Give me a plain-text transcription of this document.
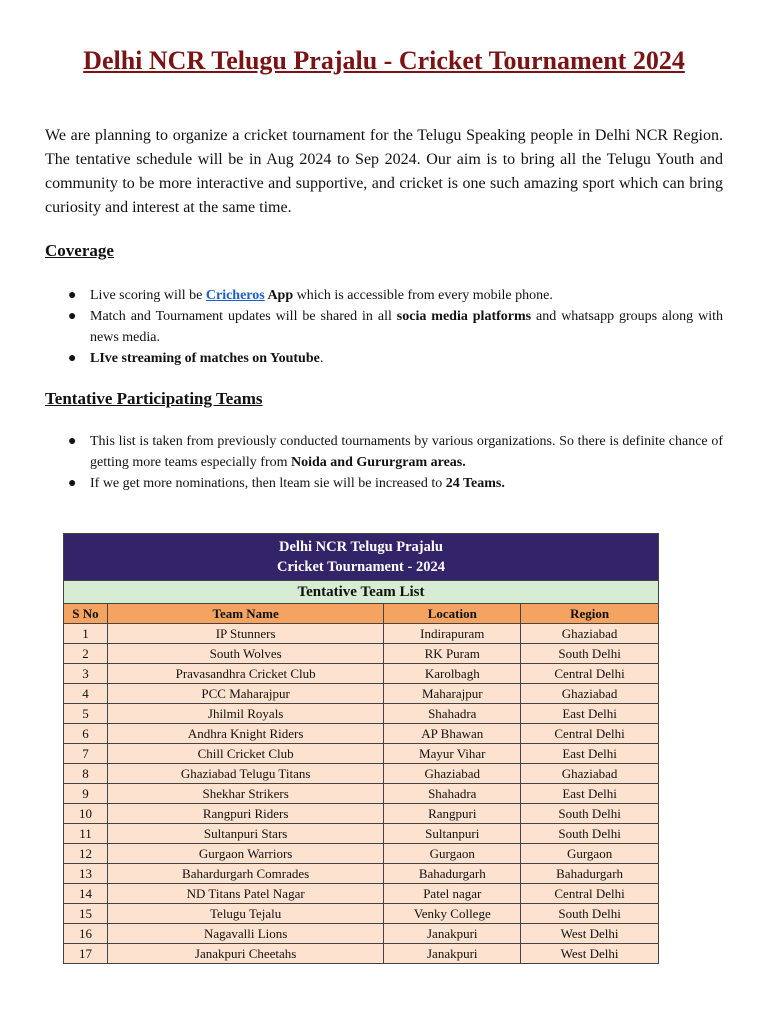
Delhi NCR Telugu Prajalu - Cricket Tournament 2024

We are planning to organize a cricket tournament for the Telugu Speaking people in Delhi NCR Region. The tentative schedule will be in Aug 2024 to Sep 2024. Our aim is to bring all the Telugu Youth and community to be more interactive and supportive, and cricket is one such amazing sport which can bring curiosity and interest at the same time.

Coverage
● Live scoring will be Cricheros App which is accessible from every mobile phone.
● Match and Tournament updates will be shared in all socia media platforms and whatsapp groups along with news media.
● LIve streaming of matches on Youtube.
Tentative Participating Teams
● This list is taken from previously conducted tournaments by various organizations. So there is definite chance of getting more teams especially from Noida and Gururgram areas.
● If we get more nominations, then lteam sie will be increased to 24 Teams.
Delhi NCR Telugu Prajalu
Cricket Tournament - 2024			

Tentative Team List			
S No	Team Name	Location	Region
1	IP Stunners	Indirapuram	Ghaziabad
2	South Wolves	RK Puram	South Delhi
3	Pravasandhra Cricket Club	Karolbagh	Central Delhi
4	PCC Maharajpur	Maharajpur	Ghaziabad
5	Jhilmil Royals	Shahadra	East Delhi
6	Andhra Knight Riders	AP Bhawan	Central Delhi
7	Chill Cricket Club	Mayur Vihar	East Delhi
8	Ghaziabad Telugu Titans	Ghaziabad	Ghaziabad
9	Shekhar Strikers	Shahadra	East Delhi
10	Rangpuri Riders	Rangpuri	South Delhi
11	Sultanpuri Stars	Sultanpuri	South Delhi
12	Gurgaon Warriors	Gurgaon	Gurgaon
13	Bahardurgarh Comrades	Bahadurgarh	Bahadurgarh
14	ND Titans Patel Nagar	Patel nagar	Central Delhi
15	Telugu Tejalu	Venky College	South Delhi
16	Nagavalli Lions	Janakpuri	West Delhi
17	Janakpuri Cheetahs	Janakpuri	West Delhi
